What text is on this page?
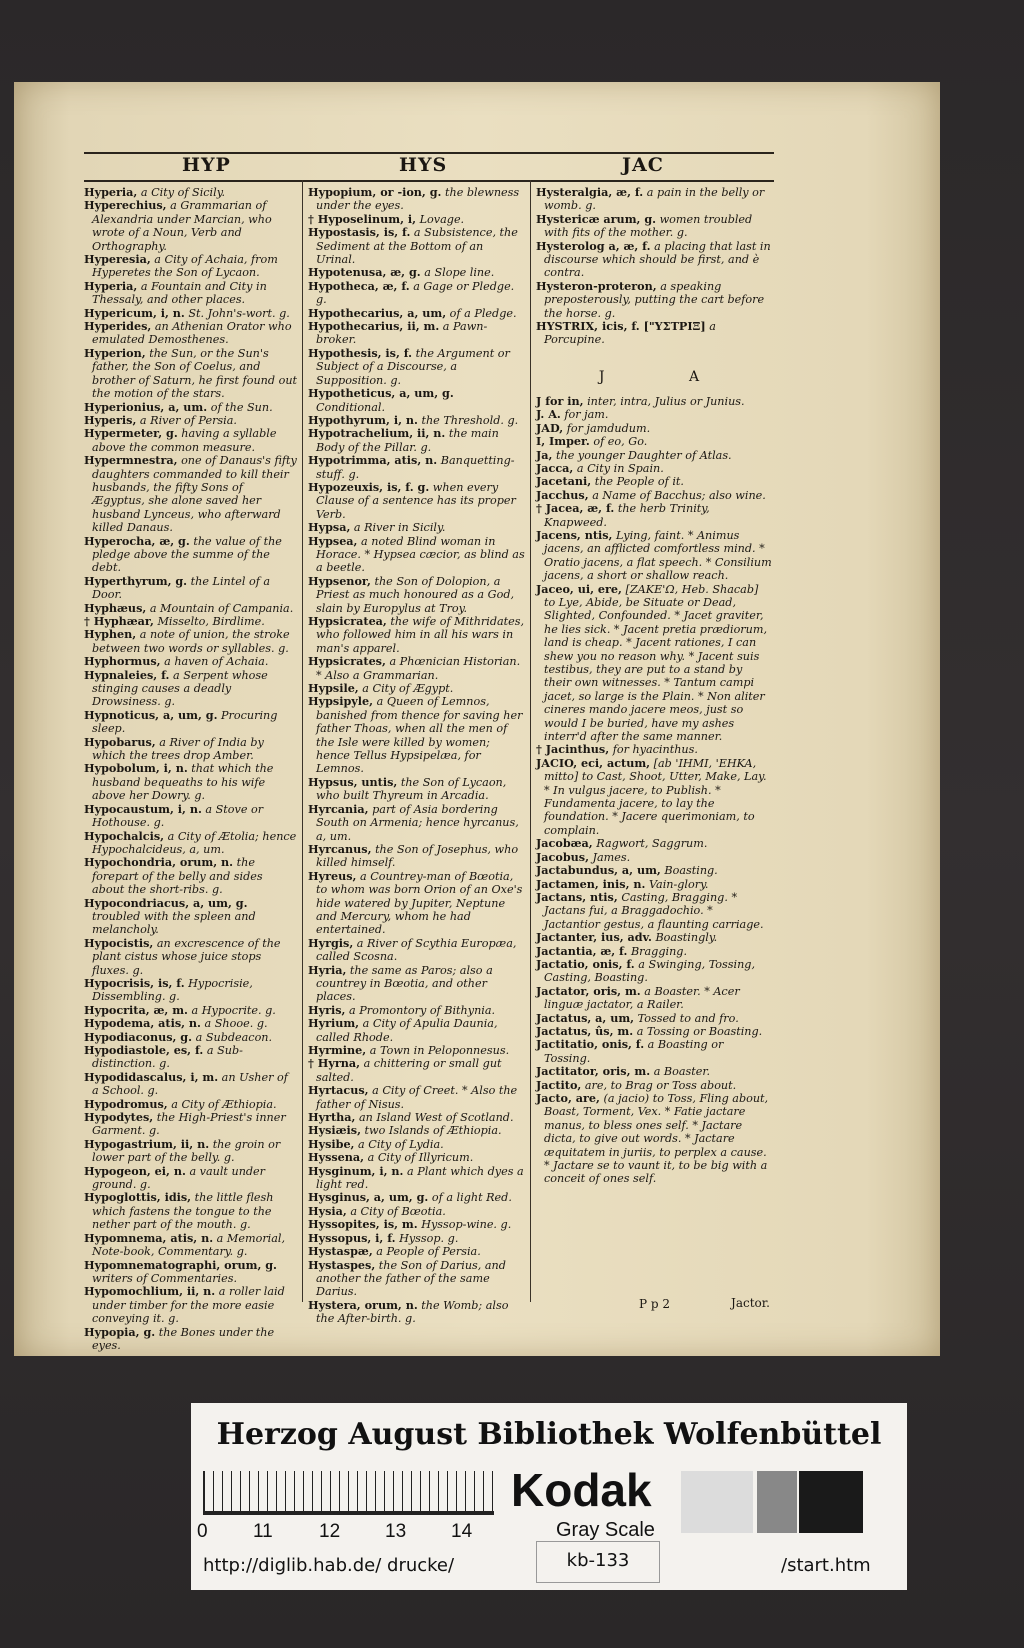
HYP	HYS	JAC

Hyperia, a City of Sicily.

Hyperechius, a Grammarian of Alexandria under Marcian, who wrote of a Noun, Verb and Orthography.

Hyperesia, a City of Achaia, from Hyperetes the Son of Lycaon.

Hyperia, a Fountain and City in Thessaly, and other places.

Hypericum, i, n. St. John's-wort. g.

Hyperides, an Athenian Orator who emulated Demosthenes.

Hyperion, the Sun, or the Sun's father, the Son of Coelus, and brother of Saturn, he first found out the motion of the stars.

Hyperionius, a, um. of the Sun.

Hyperis, a River of Persia.

Hypermeter, g. having a syllable above the common measure.

Hypermnestra, one of Danaus's fifty daughters commanded to kill their husbands, the fifty Sons of Ægyptus, she alone saved her husband Lynceus, who afterward killed Danaus.

Hyperocha, æ, g. the value of the pledge above the summe of the debt.

Hyperthyrum, g. the Lintel of a Door.

Hyphæus, a Mountain of Campania.

† Hyphæar, Misselto, Birdlime.

Hyphen, a note of union, the stroke between two words or syllables. g.

Hyphormus, a haven of Achaia.

Hypnaleies, f. a Serpent whose stinging causes a deadly Drowsiness. g.

Hypnoticus, a, um, g. Procuring sleep.

Hypobarus, a River of India by which the trees drop Amber.

Hypobolum, i, n. that which the husband bequeaths to his wife above her Dowry. g.

Hypocaustum, i, n. a Stove or Hothouse. g.

Hypochalcis, a City of Ætolia; hence Hypochalcideus, a, um.

Hypochondria, orum, n. the forepart of the belly and sides about the short-ribs. g.

Hypocondriacus, a, um, g. troubled with the spleen and melancholy.

Hypocistis, an excrescence of the plant cistus whose juice stops fluxes. g.

Hypocrisis, is, f. Hypocrisie, Dissembling. g.

Hypocrita, æ, m. a Hypocrite. g.

Hypodema, atis, n. a Shooe. g.

Hypodiaconus, g. a Subdeacon.

Hypodiastole, es, f. a Sub-distinction. g.

Hypodidascalus, i, m. an Usher of a School. g.

Hypodromus, a City of Æthiopia.

Hypodytes, the High-Priest's inner Garment. g.

Hypogastrium, ii, n. the groin or lower part of the belly. g.

Hypogeon, ei, n. a vault under ground. g.

Hypoglottis, idis, the little flesh which fastens the tongue to the nether part of the mouth. g.

Hypomnema, atis, n. a Memorial, Note-book, Commentary. g.

Hypomnematographi, orum, g. writers of Commentaries.

Hypomochlium, ii, n. a roller laid under timber for the more easie conveying it. g.

Hypopia, g. the Bones under the eyes.

Hypopium, or -ion, g. the blewness under the eyes.

† Hyposelinum, i, Lovage.

Hypostasis, is, f. a Subsistence, the Sediment at the Bottom of an Urinal.

Hypotenusa, æ, g. a Slope line.

Hypotheca, æ, f. a Gage or Pledge. g.

Hypothecarius, a, um, of a Pledge.

Hypothecarius, ii, m. a Pawn-broker.

Hypothesis, is, f. the Argument or Subject of a Discourse, a Supposition. g.

Hypotheticus, a, um, g. Conditional.

Hypothyrum, i, n. the Threshold. g.

Hypotrachelium, ii, n. the main Body of the Pillar. g.

Hypotrimma, atis, n. Banquetting-stuff. g.

Hypozeuxis, is, f. g. when every Clause of a sentence has its proper Verb.

Hypsa, a River in Sicily.

Hypsea, a noted Blind woman in Horace. * Hypsea cæcior, as blind as a beetle.

Hypsenor, the Son of Dolopion, a Priest as much honoured as a God, slain by Europylus at Troy.

Hypsicratea, the wife of Mithridates, who followed him in all his wars in man's apparel.

Hypsicrates, a Phœnician Historian. * Also a Grammarian.

Hypsile, a City of Ægypt.

Hypsipyle, a Queen of Lemnos, banished from thence for saving her father Thoas, when all the men of the Isle were killed by women; hence Tellus Hypsipelæa, for Lemnos.

Hypsus, untis, the Son of Lycaon, who built Thyreum in Arcadia.

Hyrcania, part of Asia bordering South on Armenia; hence hyrcanus, a, um.

Hyrcanus, the Son of Josephus, who killed himself.

Hyreus, a Countrey-man of Bœotia, to whom was born Orion of an Oxe's hide watered by Jupiter, Neptune and Mercury, whom he had entertained.

Hyrgis, a River of Scythia Europæa, called Scosna.

Hyria, the same as Paros; also a countrey in Bœotia, and other places.

Hyris, a Promontory of Bithynia.

Hyrium, a City of Apulia Daunia, called Rhode.

Hyrmine, a Town in Peloponnesus.

† Hyrna, a chittering or small gut salted.

Hyrtacus, a City of Creet. * Also the father of Nisus.

Hyrtha, an Island West of Scotland.

Hysiæis, two Islands of Æthiopia.

Hysibe, a City of Lydia.

Hyssena, a City of Illyricum.

Hysginum, i, n. a Plant which dyes a light red.

Hysginus, a, um, g. of a light Red.

Hysia, a City of Bœotia.

Hyssopites, is, m. Hyssop-wine. g.

Hyssopus, i, f. Hyssop. g.

Hystaspæ, a People of Persia.

Hystaspes, the Son of Darius, and another the father of the same Darius.

Hystera, orum, n. the Womb; also the After-birth. g.

Hysteralgia, æ, f. a pain in the belly or womb. g.

Hystericæ arum, g. women troubled with fits of the mother. g.

Hysterolog a, æ, f. a placing that last in discourse which should be first, and è contra.

Hysteron-proteron, a speaking preposterously, putting the cart before the horse. g.

HYSTRIX, icis, f. ["ΥΣΤΡΙΞ] a Porcupine.

J A

J for in, inter, intra, Julius or Junius.

J. A. for jam.

JAD, for jamdudum.

I, Imper. of eo, Go.

Ja, the younger Daughter of Atlas.

Jacca, a City in Spain.

Jacetani, the People of it.

Jacchus, a Name of Bacchus; also wine.

† Jacea, æ, f. the herb Trinity, Knapweed.

Jacens, ntis, Lying, faint. * Animus jacens, an afflicted comfortless mind. * Oratio jacens, a flat speech. * Consilium jacens, a short or shallow reach.

Jaceo, ui, ere, [ΖΑΚΕ'Ω, Heb. Shacab] to Lye, Abide, be Situate or Dead, Slighted, Confounded. * Jacet graviter, he lies sick. * Jacent pretia prædiorum, land is cheap. * Jacent rationes, I can shew you no reason why. * Jacent suis testibus, they are put to a stand by their own witnesses. * Tantum campi jacet, so large is the Plain. * Non aliter cineres mando jacere meos, just so would I be buried, have my ashes interr'd after the same manner.

† Jacinthus, for hyacinthus.

JACIO, eci, actum, [ab 'IHMI, 'EHKA, mitto] to Cast, Shoot, Utter, Make, Lay. * In vulgus jacere, to Publish. * Fundamenta jacere, to lay the foundation. * Jacere querimoniam, to complain.

Jacobæa, Ragwort, Saggrum.

Jacobus, James.

Jactabundus, a, um, Boasting.

Jactamen, inis, n. Vain-glory.

Jactans, ntis, Casting, Bragging. * Jactans fui, a Braggadochio. * Jactantior gestus, a flaunting carriage.

Jactanter, ius, adv. Boastingly.

Jactantia, æ, f. Bragging.

Jactatio, onis, f. a Swinging, Tossing, Casting, Boasting.

Jactator, oris, m. a Boaster. * Acer linguæ jactator, a Railer.

Jactatus, a, um, Tossed to and fro.

Jactatus, ûs, m. a Tossing or Boasting.

Jactitatio, onis, f. a Boasting or Tossing.

Jactitator, oris, m. a Boaster.

Jactito, are, to Brag or Toss about.

Jacto, are, (a jacio) to Toss, Fling about, Boast, Torment, Vex. * Fatie jactare manus, to bless ones self. * Jactare dicta, to give out words. * Jactare æquitatem in juriis, to perplex a cause. * Jactare se to vaunt it, to be big with a conceit of ones self.

P p 2	Jactor.
Herzog August Bibliothek Wolfenbüttel
0 11 12 13 14
Kodak
Gray Scale
http://diglib.hab.de/ drucke/	kb-133	/start.htm
